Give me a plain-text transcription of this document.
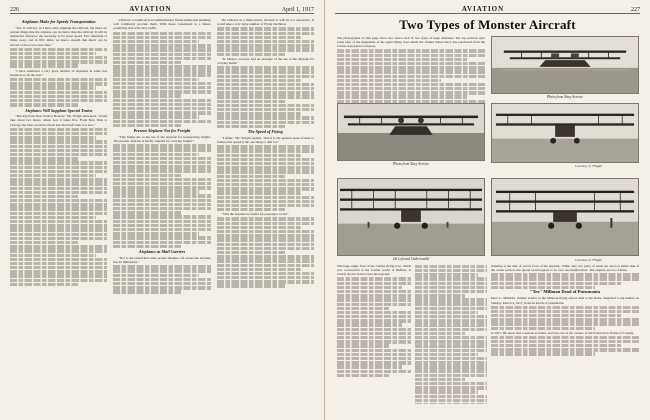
226	AVIATION	April 1, 1917
Airplanes Make for Speedy Transportation

"Yes. It will not, as I have said, supplant the railroad, but there are certain things that the airplane can do better than the railroad. It will be demanded wherever the necessity is for great speed. Few hundreds of miles away, and in fifty miles we know enough that much can be moved to the towns and cities."

"I have estimated a very great number of airplanes in some few instances to be the best."

Airplanes Will Supplant Special Trains

"The trip from New York to Boston," Mr. Wright answered, "would take about two hours, where now it takes five. From New York to Chicago the time would be much less than half what it is now."

will have to build such accommodations; future municipal planning will commonly provide them. With these considered is a future possibility that will carry traffic.

Present Airplane Not for Freight

"This brings me to the use of the airplane for transporting freight. The present airplane is hardly adapted for carrying freight."

Airplanes as Mail Carriers

"Not to the extent that some people imagine. Of course the airplane has its limitations."

the railroad as a mail-carrier, because it will be too expensive. It would take a very large number of flying machines.

"In Mexico we have had an example of the use of the airplane for carrying mails."

The Speed of Flying

"I think," Mr. Wright replied, "that it is the general sport of men to believe that speed is the one thing to aim for."

"Will the airplane be useful for passenger work?"

AVIATION	227
Two Types of Monster Aircraft
The photographs on this page show two views each of two types of huge airplanes. The top pictures give some idea of the magnitude of the giant flying boat which the United States Navy has purchased from the Curtiss Aeroplane Company.
Photo from Navy Service
Photo from Navy Service	Courtesy of "Flight"
(At Left and Underneath)
The huge single float of the Curtiss flying boat, which was constructed at the Curtiss works at Buffalo, is clearly shown in the lower photograph.
Courtesy of "Flight"
standing at the side of and in front of the airplane. While only two pairs of struts are used on either side of the center section, the spread would appear to be over one hundred feet. The engines are two 240 hp.
"Tex" Millman Dead of Pneumonia
Peter C. Millman, student aviator at the Mineola flying school died at his home, Shepherd Long Island, on Sunday, March 4, 1917, from an attack of pneumonia.
in 1917. He never had a serious accident, and was one of the owners of the Polson Iron Works of Canada.
